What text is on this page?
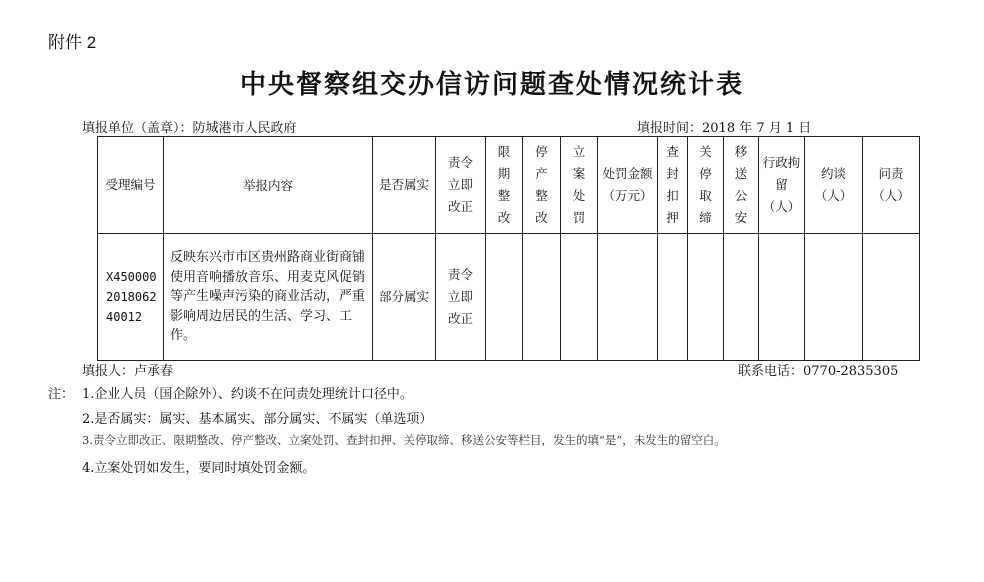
附件 2
中央督察组交办信访问题查处情况统计表
填报单位（盖章）：防城港市人民政府	填报时间：2018 年 7 月 1 日
受理编号	举报内容	是否属实	责令立即改正	限期整改	停产整改	立案处罚	处罚金额（万元）	查封扣押	关停取缔	移送公安	行政拘留（人）	约谈（人）	问责（人）

X450000201806240012	反映东兴市市区贵州路商业街商铺使用音响播放音乐、用麦克风促销等产生噪声污染的商业活动，严重影响周边居民的生活、学习、工作。	部分属实	责令立即改正										

填报人：卢承春	联系电话：0770-2835305
注： 1.企业人员（国企除外）、约谈不在问责处理统计口径中。
2.是否属实：属实、基本属实、部分属实、不属实（单选项）
3.责令立即改正、限期整改、停产整改、立案处罚、查封扣押、关停取缔、移送公安等栏目，发生的填“是”，未发生的留空白。
4.立案处罚如发生，要同时填处罚金额。
